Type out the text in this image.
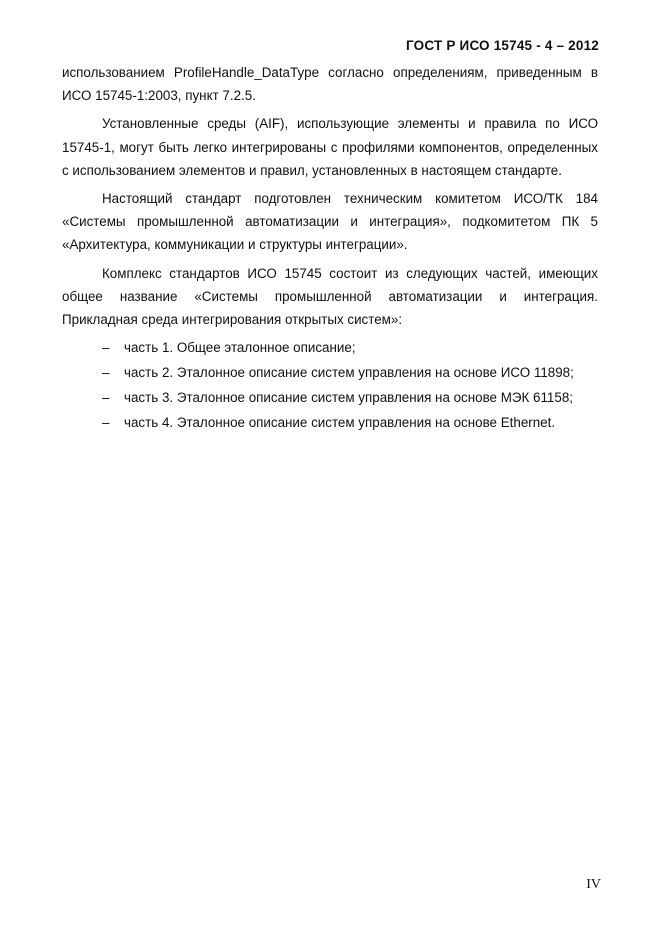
ГОСТ Р ИСО 15745 - 4 – 2012

использованием ProfileHandle_DataType согласно определениям, приведенным в ИСО 15745-1:2003, пункт 7.2.5.

Установленные среды (AIF), использующие элементы и правила по ИСО 15745-1, могут быть легко интегрированы с профилями компонентов, определенных с использованием элементов и правил, установленных в настоящем стандарте.

Настоящий стандарт подготовлен техническим комитетом ИСО/ТК 184 «Системы промышленной автоматизации и интеграция», подкомитетом ПК 5 «Архитектура, коммуникации и структуры интеграции».

Комплекс стандартов ИСО 15745 состоит из следующих частей, имеющих общее название «Системы промышленной автоматизации и интеграция. Прикладная среда интегрирования открытых систем»:

– часть 1. Общее эталонное описание;
– часть 2. Эталонное описание систем управления на основе ИСО 11898;
– часть 3. Эталонное описание систем управления на основе МЭК 61158;
– часть 4. Эталонное описание систем управления на основе Ethernet.
IV
